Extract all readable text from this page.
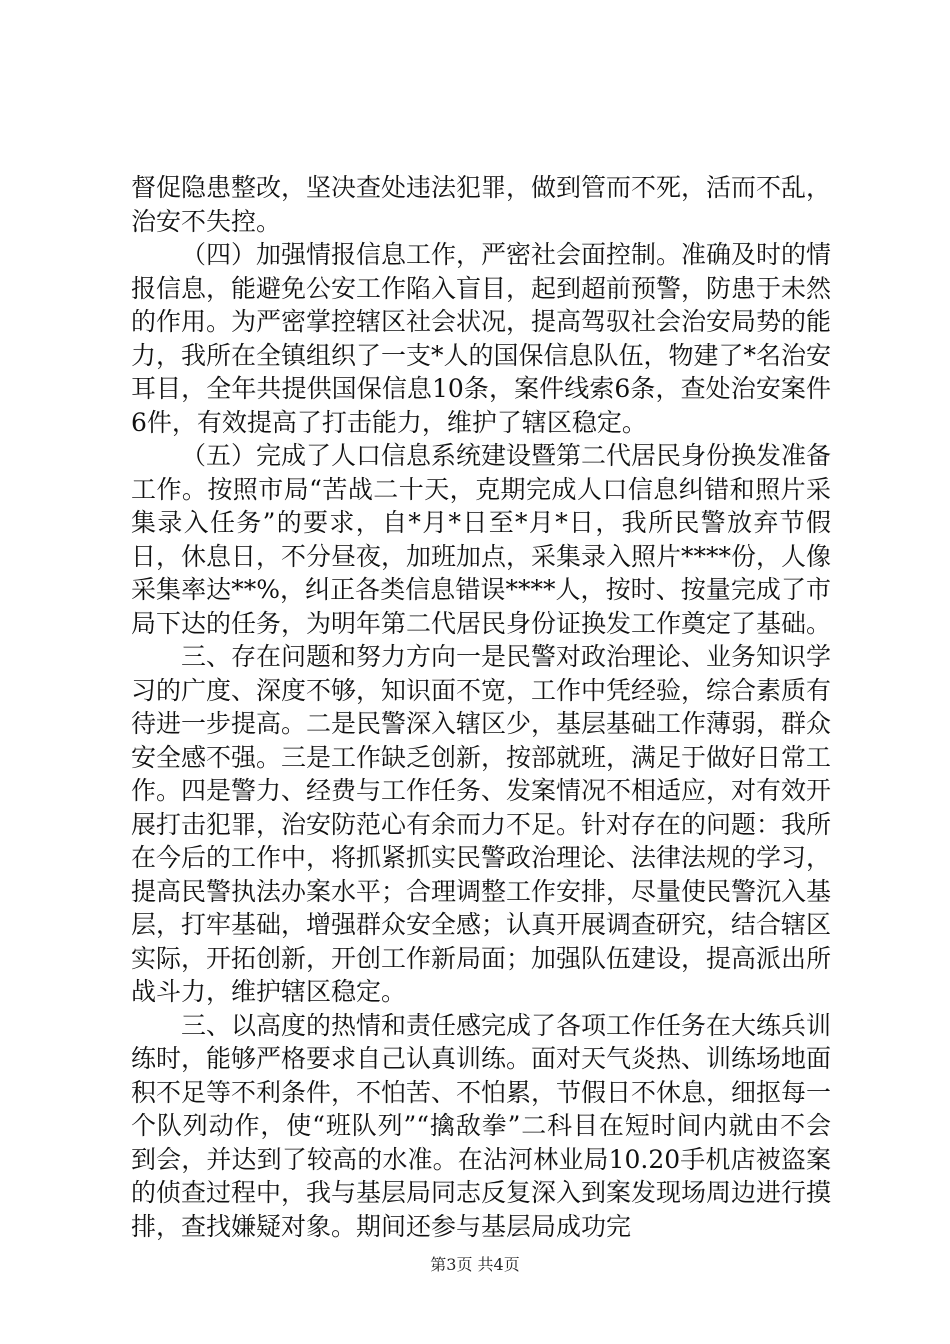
督促隐患整改，坚决查处违法犯罪，做到管而不死，活而不乱，治安不失控。

（四）加强情报信息工作，严密社会面控制。准确及时的情报信息，能避免公安工作陷入盲目，起到超前预警，防患于未然的作用。为严密掌控辖区社会状况，提高驾驭社会治安局势的能力，我所在全镇组织了一支*人的国保信息队伍，物建了*名治安耳目，全年共提供国保信息10条，案件线索6条，查处治安案件6件，有效提高了打击能力，维护了辖区稳定。

（五）完成了人口信息系统建设暨第二代居民身份换发准备工作。按照市局“苦战二十天，克期完成人口信息纠错和照片采集录入任务”的要求，自*月*日至*月*日，我所民警放弃节假日，休息日，不分昼夜，加班加点，采集录入照片****份，人像采集率达**%，纠正各类信息错误****人，按时、按量完成了市局下达的任务，为明年第二代居民身份证换发工作奠定了基础。

三、存在问题和努力方向一是民警对政治理论、业务知识学习的广度、深度不够，知识面不宽，工作中凭经验，综合素质有待进一步提高。二是民警深入辖区少，基层基础工作薄弱，群众安全感不强。三是工作缺乏创新，按部就班，满足于做好日常工作。四是警力、经费与工作任务、发案情况不相适应，对有效开展打击犯罪，治安防范心有余而力不足。针对存在的问题：我所在今后的工作中，将抓紧抓实民警政治理论、法律法规的学习，提高民警执法办案水平；合理调整工作安排，尽量使民警沉入基层，打牢基础，增强群众安全感；认真开展调查研究，结合辖区实际，开拓创新，开创工作新局面；加强队伍建设，提高派出所战斗力，维护辖区稳定。

三、以高度的热情和责任感完成了各项工作任务在大练兵训练时，能够严格要求自己认真训练。面对天气炎热、训练场地面积不足等不利条件，不怕苦、不怕累，节假日不休息，细抠每一个队列动作，使“班队列”“擒敌拳”二科目在短时间内就由不会到会，并达到了较高的水准。在沾河林业局10.20手机店被盗案的侦查过程中，我与基层局同志反复深入到案发现场周边进行摸排，查找嫌疑对象。期间还参与基层局成功完

第3页 共4页
